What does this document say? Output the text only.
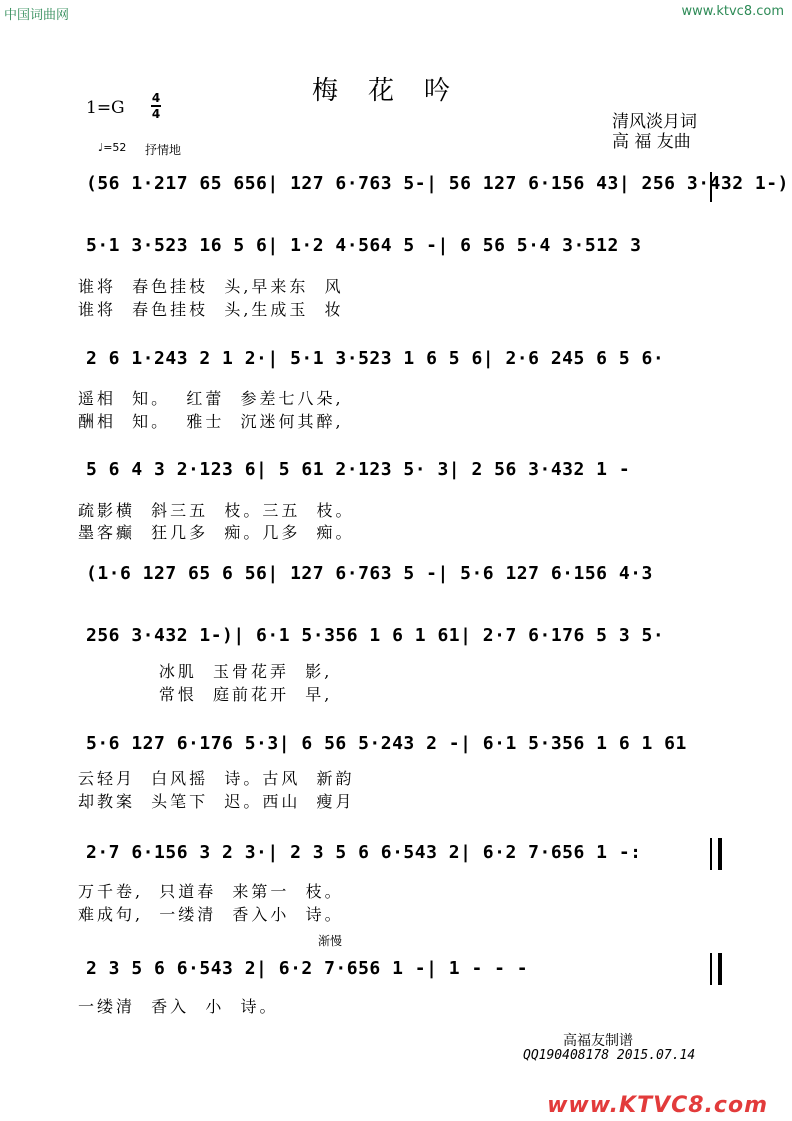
中国词曲网	www.ktvc8.com
梅花吟
1=G 4
4
♩=52 抒情地
清风淡月词
高 福 友曲
(56 1·217 65 656| 127 6·763 5-| 56 127 6·156 43| 256 3·432 1-)
5·1 3·523 16 5 6| 1·2 4·564 5 -| 6 56 5·4 3·512 3
谁将  春色挂枝  头,早来东  风
谁将  春色挂枝  头,生成玉  妆
2 6 1·243 2 1 2·| 5·1 3·523 1 6 5 6| 2·6 245 6 5 6·
遥相  知。  红蕾  参差七八朵,
酬相  知。  雅士  沉迷何其醉,
5 6 4 3 2·123 6| 5 61 2·123 5· 3| 2 56 3·432 1 -
疏影横  斜三五  枝。三五  枝。
墨客癫  狂几多  痴。几多  痴。
(1·6 127 65 6 56| 127 6·763 5 -| 5·6 127 6·156 4·3
256 3·432 1-)| 6·1 5·356 1 6 1 61| 2·7 6·176 5 3 5·
冰肌  玉骨花弄  影,
常恨  庭前花开  早,
5·6 127 6·176 5·3| 6 56 5·243 2 -| 6·1 5·356 1 6 1 61
云轻月  白风摇  诗。古风  新韵
却教案  头笔下  迟。西山  瘦月
2·7 6·156 3 2 3·| 2 3 5 6 6·543 2| 6·2 7·656 1 -:
万千卷,  只道春  来第一  枝。
难成句,  一缕清  香入小  诗。
渐慢
2 3 5 6 6·543 2| 6·2 7·656 1 -| 1 - - -
一缕清  香入  小  诗。
高福友制谱
QQ190408178 2015.07.14
www.KTVC8.com
